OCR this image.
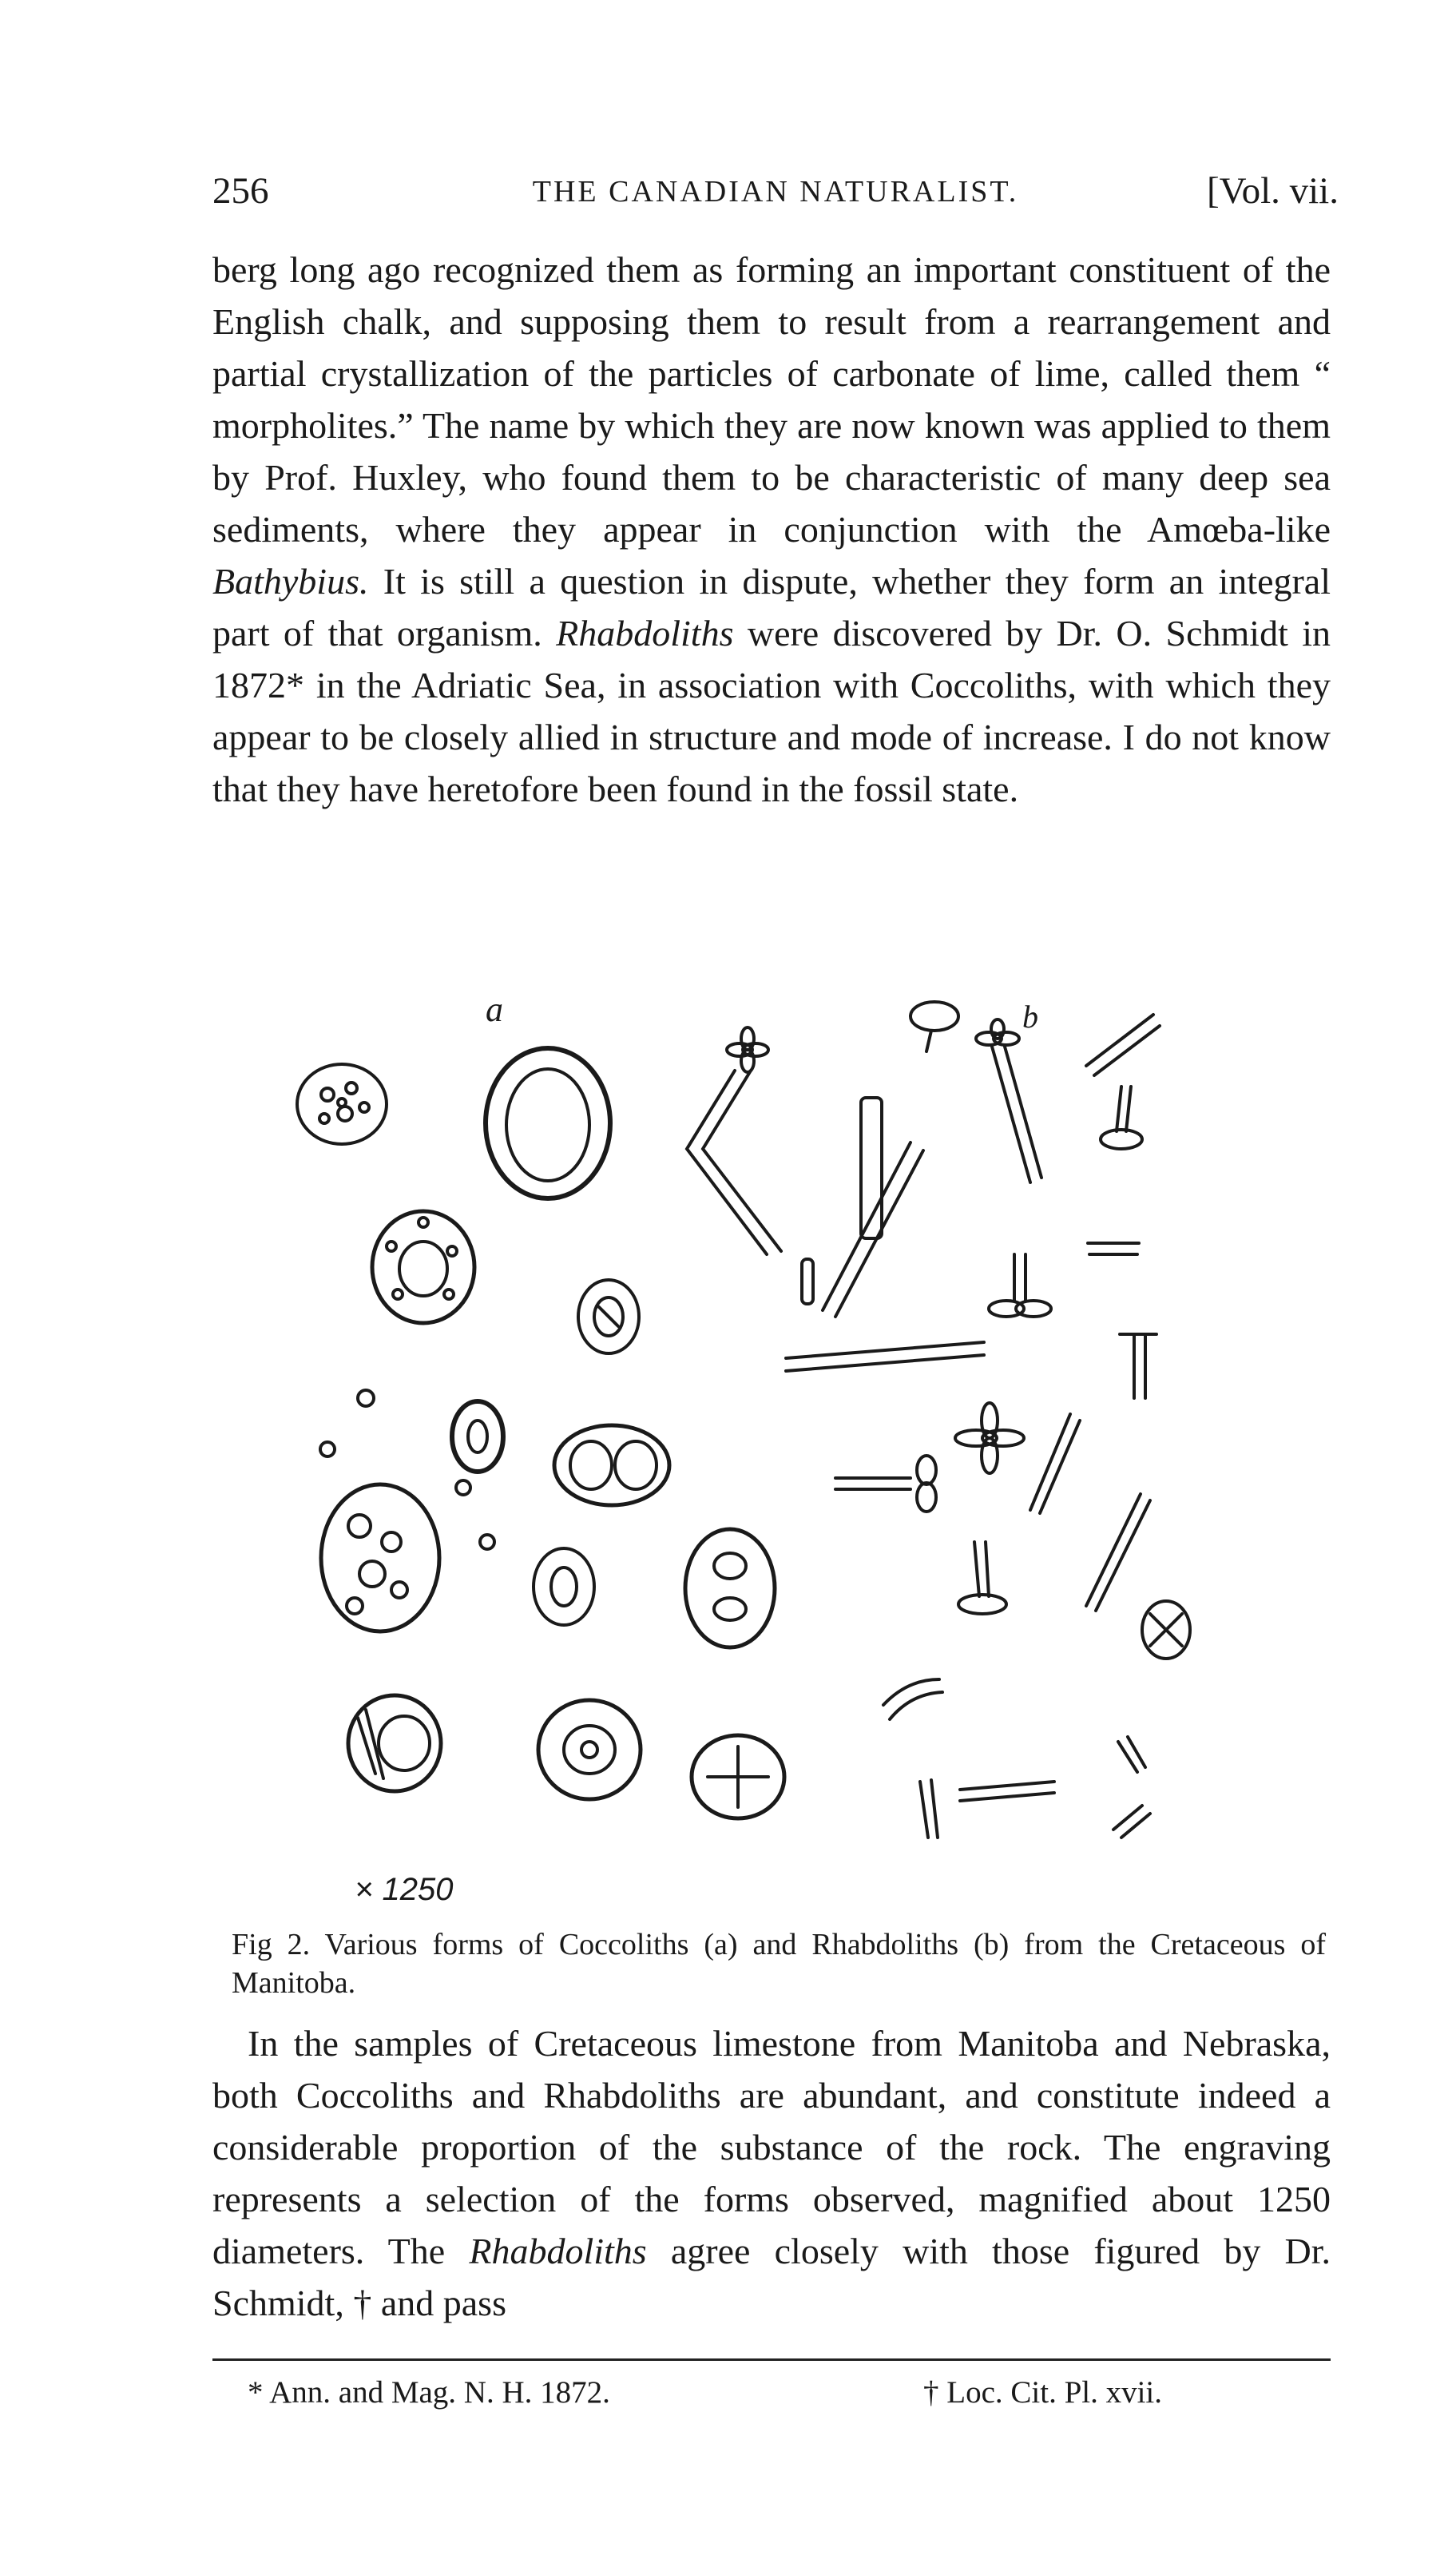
256	THE CANADIAN NATURALIST.	[Vol. vii.

berg long ago recognized them as forming an important constituent of the English chalk, and supposing them to result from a rearrangement and partial crystallization of the particles of carbonate of lime, called them “ morpholites.” The name by which they are now known was applied to them by Prof. Huxley, who found them to be characteristic of many deep sea sediments, where they appear in conjunction with the Amœba-like Bathybius. It is still a question in dispute, whether they form an integral part of that organism. Rhabdoliths were discovered by Dr. O. Schmidt in 1872* in the Adriatic Sea, in association with Coccoliths, with which they appear to be closely allied in structure and mode of increase. I do not know that they have heretofore been found in the fossil state.

a	b
× 1250

Fig 2. Various forms of Coccoliths (a) and Rhabdoliths (b) from the Cretaceous of Manitoba.

In the samples of Cretaceous limestone from Manitoba and Nebraska, both Coccoliths and Rhabdoliths are abundant, and constitute indeed a considerable proportion of the substance of the rock. The engraving represents a selection of the forms observed, magnified about 1250 diameters. The Rhabdoliths agree closely with those figured by Dr. Schmidt, † and pass

* Ann. and Mag. N. H. 1872.	† Loc. Cit. Pl. xvii.
